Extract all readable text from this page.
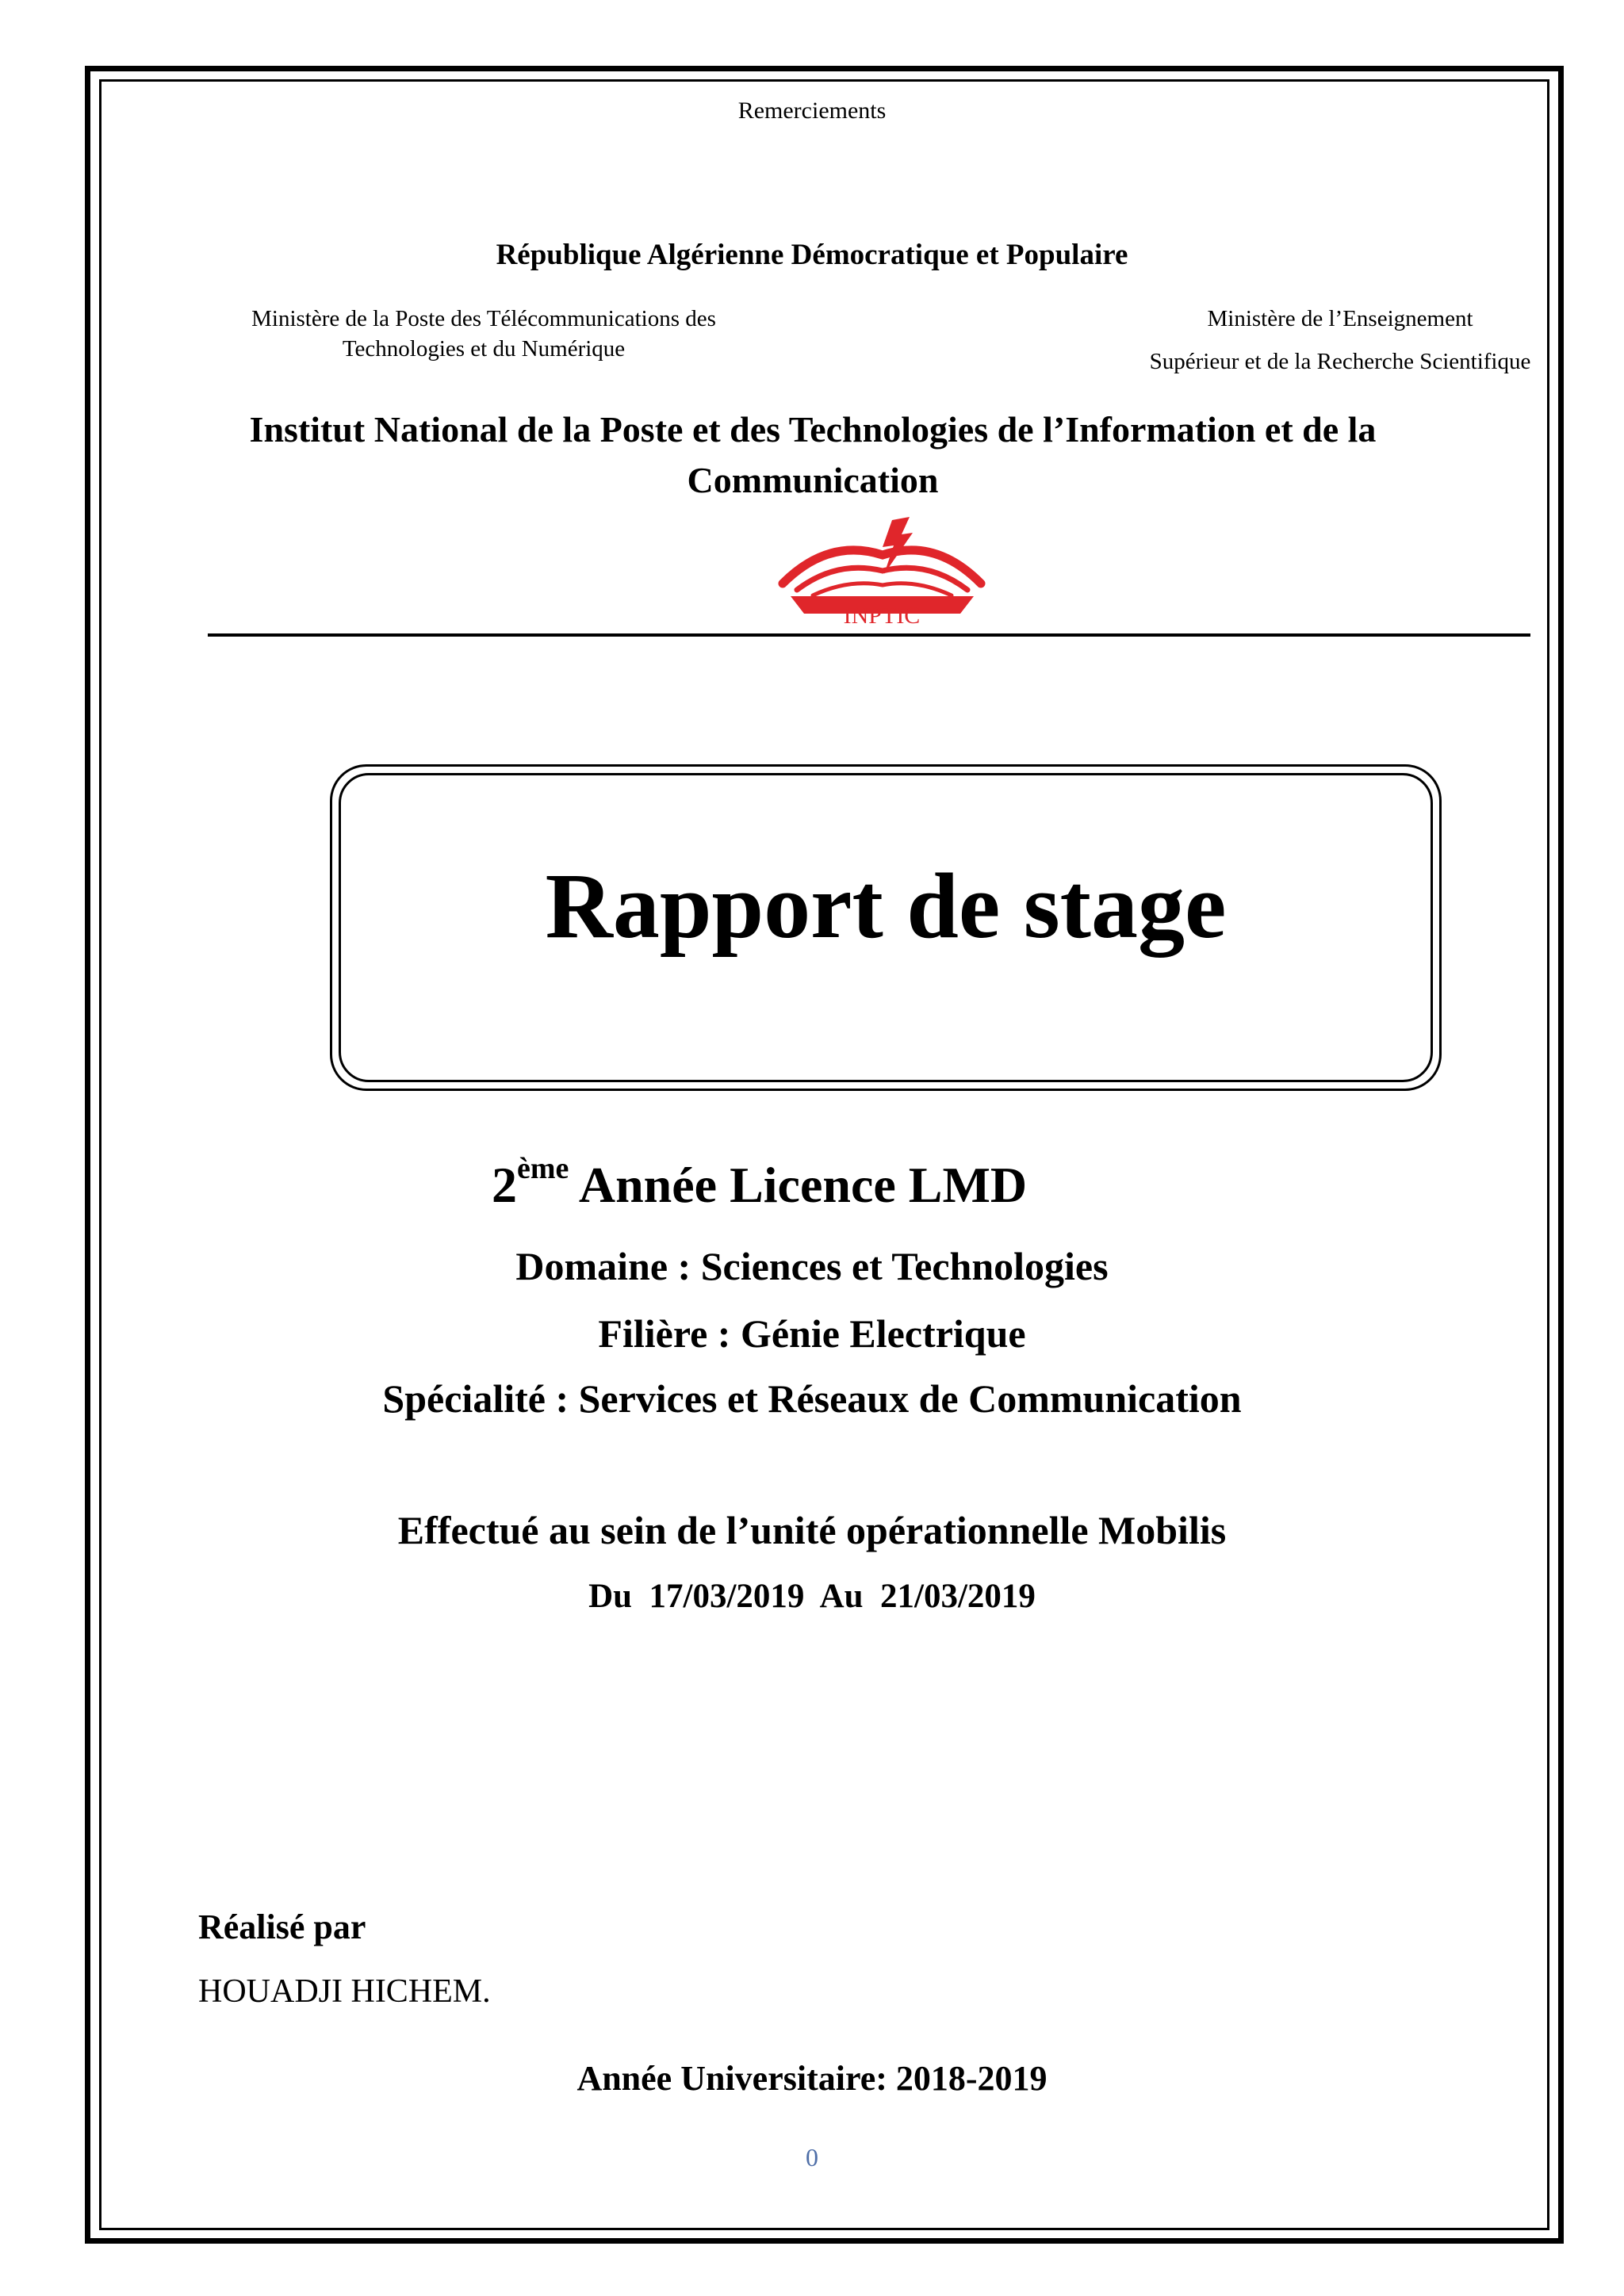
Remerciements
République Algérienne Démocratique et Populaire
Ministère de la Poste des Télécommunications des Technologies et du Numérique
Ministère de l’Enseignement
Supérieur et de la Recherche Scientifique
Institut National de la Poste et des Technologies de l’Information et de la Communication
INPTIC
Rapport de stage
2ème Année Licence LMD
Domaine : Sciences et Technologies
Filière : Génie Electrique
Spécialité : Services et Réseaux de Communication
Effectué au sein de l’unité opérationnelle Mobilis
Du  17/03/2019  Au  21/03/2019
Réalisé par
HOUADJI HICHEM.
Année Universitaire: 2018-2019
0
